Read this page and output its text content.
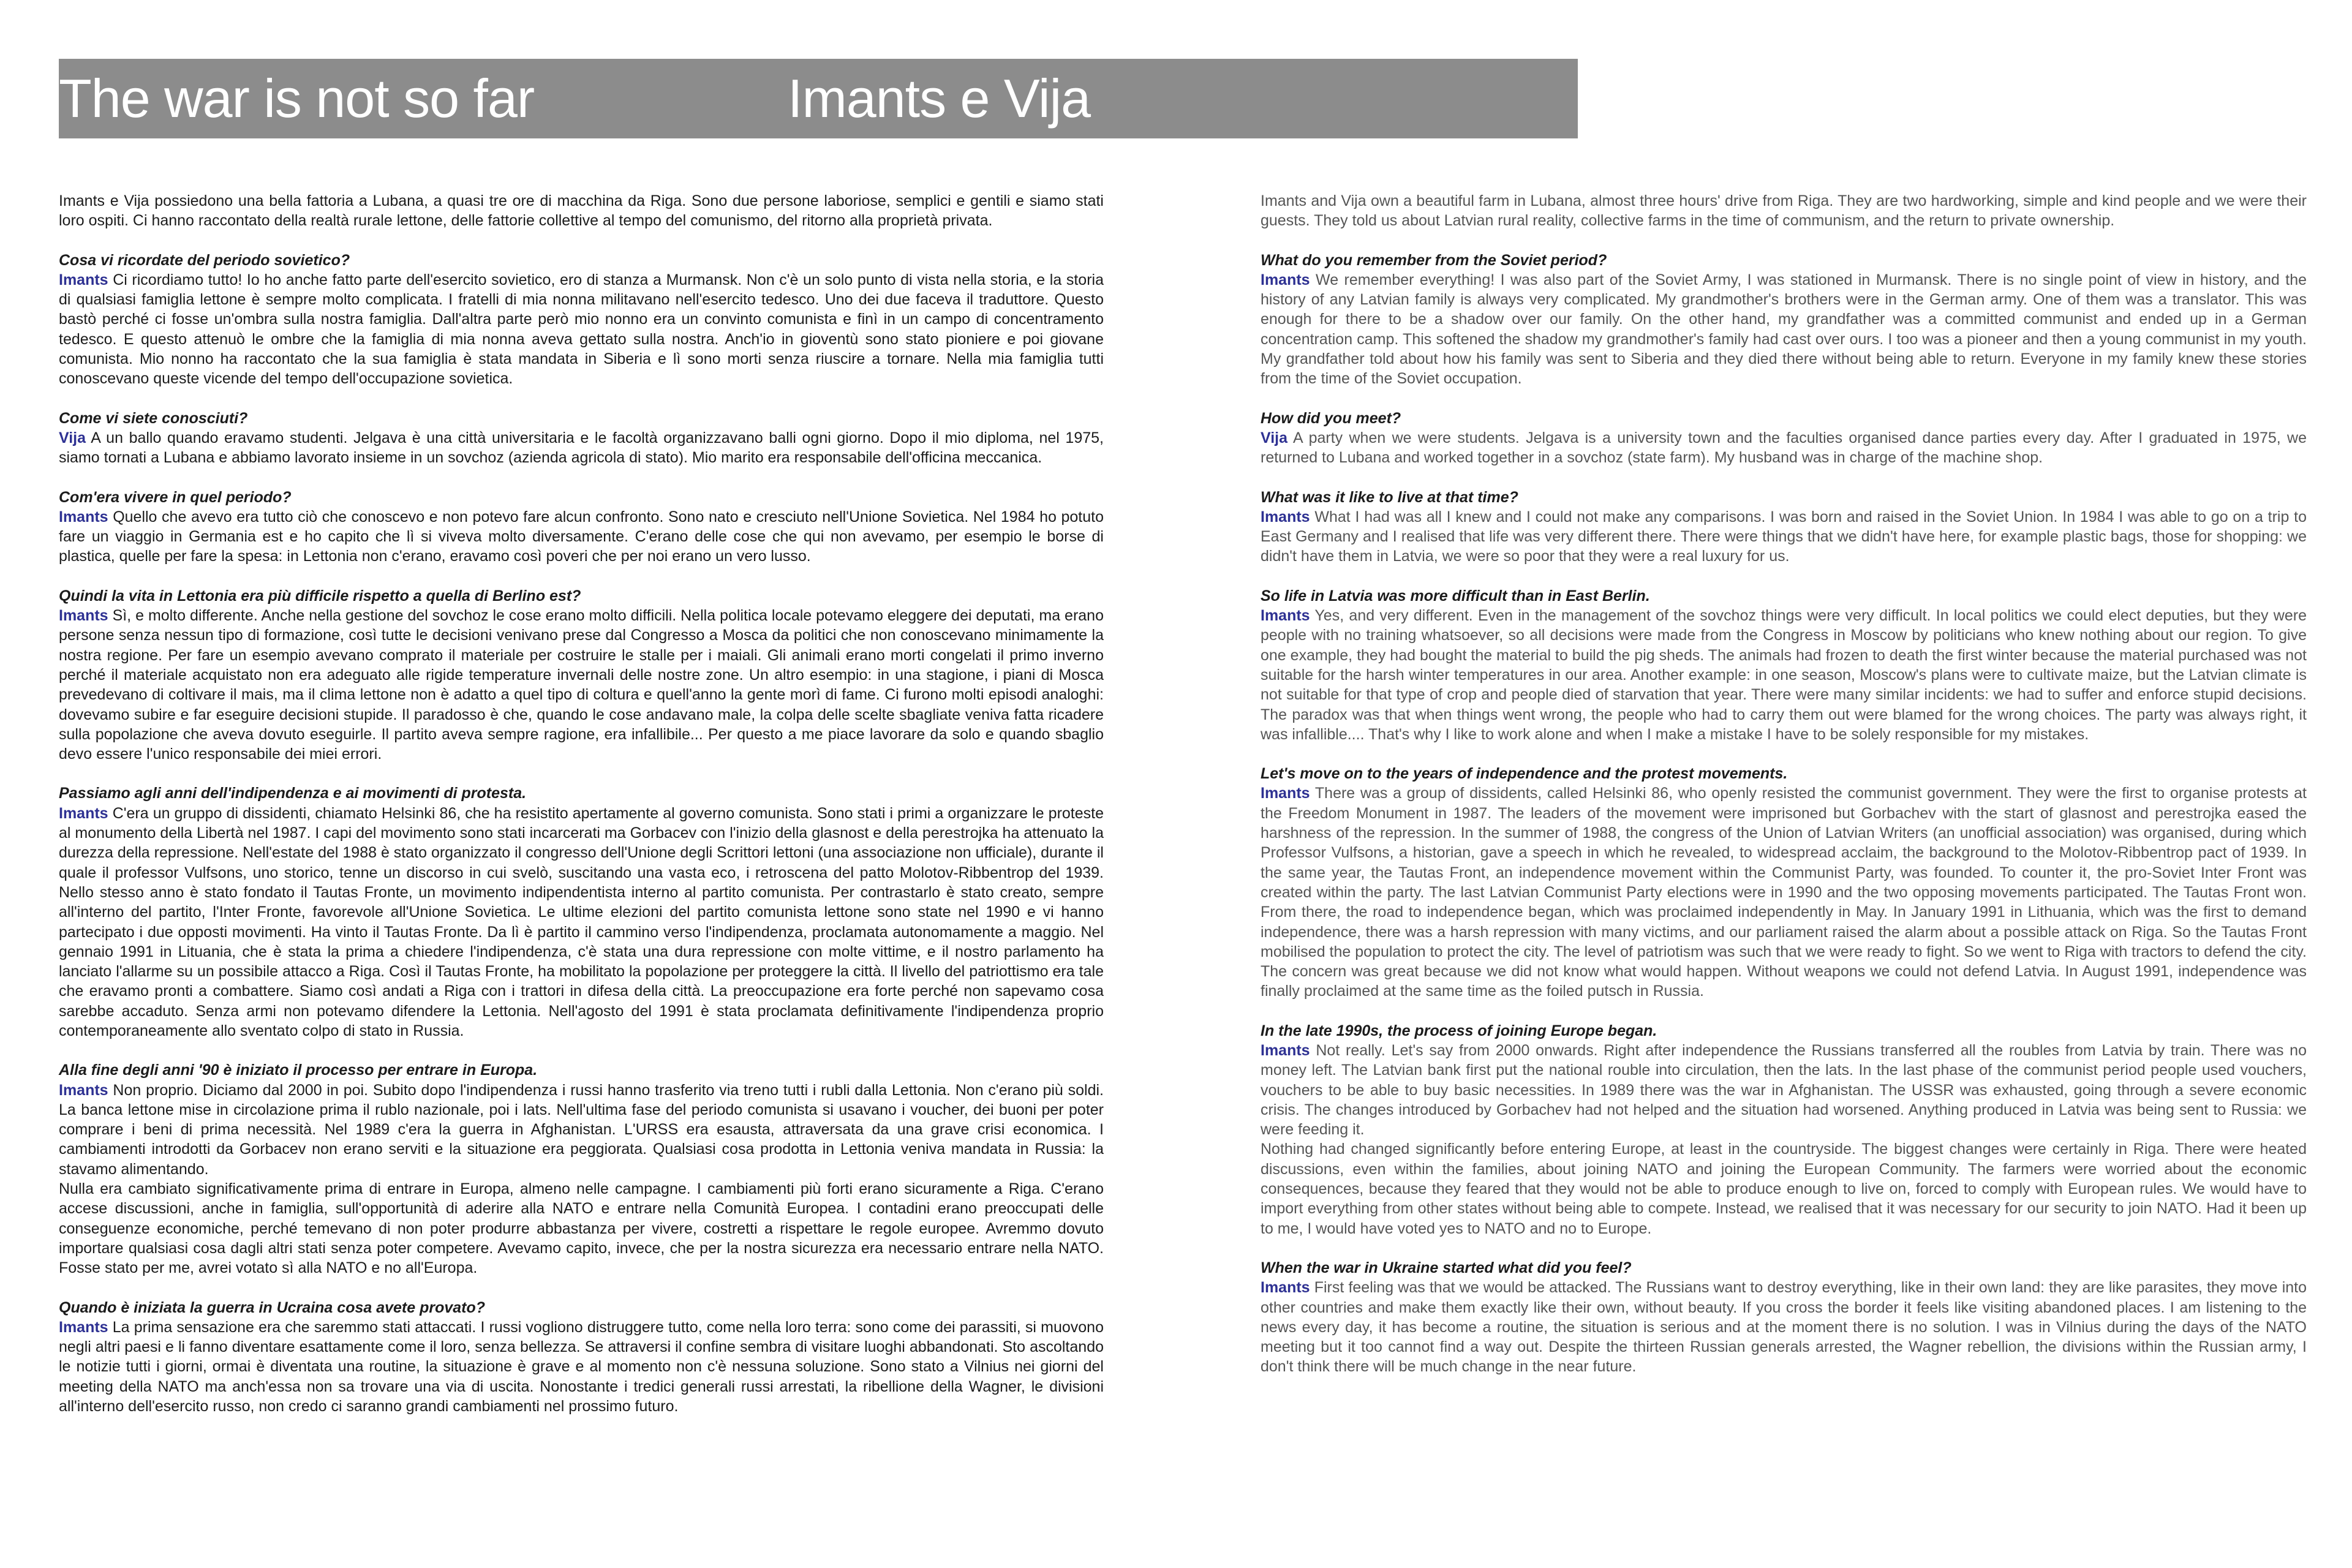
The war is not so far	Imants e Vija

Imants e Vija possiedono una bella fattoria a Lubana, a quasi tre ore di macchina da Riga. Sono due persone laboriose, semplici e gentili e siamo stati loro ospiti. Ci hanno raccontato della realtà rurale lettone, delle fattorie collettive al tempo del comunismo, del ritorno alla proprietà privata.

Cosa vi ricordate del periodo sovietico?

Imants Ci ricordiamo tutto! Io ho anche fatto parte dell'esercito sovietico, ero di stanza a Murmansk. Non c'è un solo punto di vista nella storia, e la storia di qualsiasi famiglia lettone è sempre molto complicata. I fratelli di mia nonna militavano nell'esercito tedesco. Uno dei due faceva il traduttore. Questo bastò perché ci fosse un'ombra sulla nostra famiglia. Dall'altra parte però mio nonno era un convinto comunista e finì in un campo di concentramento tedesco. E questo attenuò le ombre che la famiglia di mia nonna aveva gettato sulla nostra. Anch'io in gioventù sono stato pioniere e poi giovane comunista. Mio nonno ha raccontato che la sua famiglia è stata mandata in Siberia e lì sono morti senza riuscire a tornare. Nella mia famiglia tutti conoscevano queste vicende del tempo dell'occupazione sovietica.

Come vi siete conosciuti?

Vija A un ballo quando eravamo studenti. Jelgava è una città universitaria e le facoltà organizzavano balli ogni giorno. Dopo il mio diploma, nel 1975, siamo tornati a Lubana e abbiamo lavorato insieme in un sovchoz (azienda agricola di stato). Mio marito era responsabile dell'officina meccanica.

Com'era vivere in quel periodo?

Imants Quello che avevo era tutto ciò che conoscevo e non potevo fare alcun confronto. Sono nato e cresciuto nell'Unione Sovietica. Nel 1984 ho potuto fare un viaggio in Germania est e ho capito che lì si viveva molto diversamente. C'erano delle cose che qui non avevamo, per esempio le borse di plastica, quelle per fare la spesa: in Lettonia non c'erano, eravamo così poveri che per noi erano un vero lusso.

Quindi la vita in Lettonia era più difficile rispetto a quella di Berlino est?

Imants Sì, e molto differente. Anche nella gestione del sovchoz le cose erano molto difficili. Nella politica locale potevamo eleggere dei deputati, ma erano persone senza nessun tipo di formazione, così tutte le decisioni venivano prese dal Congresso a Mosca da politici che non conoscevano minimamente la nostra regione. Per fare un esempio avevano comprato il materiale per costruire le stalle per i maiali. Gli animali erano morti congelati il primo inverno perché il materiale acquistato non era adeguato alle rigide temperature invernali delle nostre zone. Un altro esempio: in una stagione, i piani di Mosca prevedevano di coltivare il mais, ma il clima lettone non è adatto a quel tipo di coltura e quell'anno la gente morì di fame. Ci furono molti episodi analoghi: dovevamo subire e far eseguire decisioni stupide. Il paradosso è che, quando le cose andavano male, la colpa delle scelte sbagliate veniva fatta ricadere sulla popolazione che aveva dovuto eseguirle. Il partito aveva sempre ragione, era infallibile... Per questo a me piace lavorare da solo e quando sbaglio devo essere l'unico responsabile dei miei errori.

Passiamo agli anni dell'indipendenza e ai movimenti di protesta.

Imants C'era un gruppo di dissidenti, chiamato Helsinki 86, che ha resistito apertamente al governo comunista. Sono stati i primi a organizzare le proteste al monumento della Libertà nel 1987. I capi del movimento sono stati incarcerati ma Gorbacev con l'inizio della glasnost e della perestrojka ha attenuato la durezza della repressione. Nell'estate del 1988 è stato organizzato il congresso dell'Unione degli Scrittori lettoni (una associazione non ufficiale), durante il quale il professor Vulfsons, uno storico, tenne un discorso in cui svelò, suscitando una vasta eco, i retroscena del patto Molotov-Ribbentrop del 1939. Nello stesso anno è stato fondato il Tautas Fronte, un movimento indipendentista interno al partito comunista. Per contrastarlo è stato creato, sempre all'interno del partito, l'Inter Fronte, favorevole all'Unione Sovietica. Le ultime elezioni del partito comunista lettone sono state nel 1990 e vi hanno partecipato i due opposti movimenti. Ha vinto il Tautas Fronte. Da lì è partito il cammino verso l'indipendenza, proclamata autonomamente a maggio. Nel gennaio 1991 in Lituania, che è stata la prima a chiedere l'indipendenza, c'è stata una dura repressione con molte vittime, e il nostro parlamento ha lanciato l'allarme su un possibile attacco a Riga. Così il Tautas Fronte, ha mobilitato la popolazione per proteggere la città. Il livello del patriottismo era tale che eravamo pronti a combattere. Siamo così andati a Riga con i trattori in difesa della città. La preoccupazione era forte perché non sapevamo cosa sarebbe accaduto. Senza armi non potevamo difendere la Lettonia. Nell'agosto del 1991 è stata proclamata definitivamente l'indipendenza proprio contemporaneamente allo sventato colpo di stato in Russia.

Alla fine degli anni '90 è iniziato il processo per entrare in Europa.

Imants Non proprio. Diciamo dal 2000 in poi. Subito dopo l'indipendenza i russi hanno trasferito via treno tutti i rubli dalla Lettonia. Non c'erano più soldi. La banca lettone mise in circolazione prima il rublo nazionale, poi i lats. Nell'ultima fase del periodo comunista si usavano i voucher, dei buoni per poter comprare i beni di prima necessità. Nel 1989 c'era la guerra in Afghanistan. L'URSS era esausta, attraversata da una grave crisi economica. I cambiamenti introdotti da Gorbacev non erano serviti e la situazione era peggiorata. Qualsiasi cosa prodotta in Lettonia veniva mandata in Russia: la stavamo alimentando.

Nulla era cambiato significativamente prima di entrare in Europa, almeno nelle campagne. I cambiamenti più forti erano sicuramente a Riga. C'erano accese discussioni, anche in famiglia, sull'opportunità di aderire alla NATO e entrare nella Comunità Europea. I contadini erano preoccupati delle conseguenze economiche, perché temevano di non poter produrre abbastanza per vivere, costretti a rispettare le regole europee. Avremmo dovuto importare qualsiasi cosa dagli altri stati senza poter competere. Avevamo capito, invece, che per la nostra sicurezza era necessario entrare nella NATO. Fosse stato per me, avrei votato sì alla NATO e no all'Europa.

Quando è iniziata la guerra in Ucraina cosa avete provato?

Imants La prima sensazione era che saremmo stati attaccati. I russi vogliono distruggere tutto, come nella loro terra: sono come dei parassiti, si muovono negli altri paesi e li fanno diventare esattamente come il loro, senza bellezza. Se attraversi il confine sembra di visitare luoghi abbandonati. Sto ascoltando le notizie tutti i giorni, ormai è diventata una routine, la situazione è grave e al momento non c'è nessuna soluzione. Sono stato a Vilnius nei giorni del meeting della NATO ma anch'essa non sa trovare una via di uscita. Nonostante i tredici generali russi arrestati, la ribellione della Wagner, le divisioni all'interno dell'esercito russo, non credo ci saranno grandi cambiamenti nel prossimo futuro.

Imants and Vija own a beautiful farm in Lubana, almost three hours' drive from Riga. They are two hardworking, simple and kind people and we were their guests. They told us about Latvian rural reality, collective farms in the time of communism, and the return to private ownership.

What do you remember from the Soviet period?

Imants We remember everything! I was also part of the Soviet Army, I was stationed in Murmansk. There is no single point of view in history, and the history of any Latvian family is always very complicated. My grandmother's brothers were in the German army. One of them was a translator. This was enough for there to be a shadow over our family. On the other hand, my grandfather was a committed communist and ended up in a German concentration camp. This softened the shadow my grandmother's family had cast over ours. I too was a pioneer and then a young communist in my youth. My grandfather told about how his family was sent to Siberia and they died there without being able to return. Everyone in my family knew these stories from the time of the Soviet occupation.

How did you meet?

Vija A party when we were students. Jelgava is a university town and the faculties organised dance parties every day. After I graduated in 1975, we returned to Lubana and worked together in a sovchoz (state farm). My husband was in charge of the machine shop.

What was it like to live at that time?

Imants What I had was all I knew and I could not make any comparisons. I was born and raised in the Soviet Union. In 1984 I was able to go on a trip to East Germany and I realised that life was very different there. There were things that we didn't have here, for example plastic bags, those for shopping: we didn't have them in Latvia, we were so poor that they were a real luxury for us.

So life in Latvia was more difficult than in East Berlin.

Imants Yes, and very different. Even in the management of the sovchoz things were very difficult. In local politics we could elect deputies, but they were people with no training whatsoever, so all decisions were made from the Congress in Moscow by politicians who knew nothing about our region. To give one example, they had bought the material to build the pig sheds. The animals had frozen to death the first winter because the material purchased was not suitable for the harsh winter temperatures in our area. Another example: in one season, Moscow's plans were to cultivate maize, but the Latvian climate is not suitable for that type of crop and people died of starvation that year. There were many similar incidents: we had to suffer and enforce stupid decisions. The paradox was that when things went wrong, the people who had to carry them out were blamed for the wrong choices. The party was always right, it was infallible.... That's why I like to work alone and when I make a mistake I have to be solely responsible for my mistakes.

Let's move on to the years of independence and the protest movements.

Imants There was a group of dissidents, called Helsinki 86, who openly resisted the communist government. They were the first to organise protests at the Freedom Monument in 1987. The leaders of the movement were imprisoned but Gorbachev with the start of glasnost and perestrojka eased the harshness of the repression. In the summer of 1988, the congress of the Union of Latvian Writers (an unofficial association) was organised, during which Professor Vulfsons, a historian, gave a speech in which he revealed, to widespread acclaim, the background to the Molotov-Ribbentrop pact of 1939. In the same year, the Tautas Front, an independence movement within the Communist Party, was founded. To counter it, the pro-Soviet Inter Front was created within the party. The last Latvian Communist Party elections were in 1990 and the two opposing movements participated. The Tautas Front won. From there, the road to independence began, which was proclaimed independently in May. In January 1991 in Lithuania, which was the first to demand independence, there was a harsh repression with many victims, and our parliament raised the alarm about a possible attack on Riga. So the Tautas Front mobilised the population to protect the city. The level of patriotism was such that we were ready to fight. So we went to Riga with tractors to defend the city. The concern was great because we did not know what would happen. Without weapons we could not defend Latvia. In August 1991, independence was finally proclaimed at the same time as the foiled putsch in Russia.

In the late 1990s, the process of joining Europe began.

Imants Not really. Let's say from 2000 onwards. Right after independence the Russians transferred all the roubles from Latvia by train. There was no money left. The Latvian bank first put the national rouble into circulation, then the lats. In the last phase of the communist period people used vouchers, vouchers to be able to buy basic necessities. In 1989 there was the war in Afghanistan. The USSR was exhausted, going through a severe economic crisis. The changes introduced by Gorbachev had not helped and the situation had worsened. Anything produced in Latvia was being sent to Russia: we were feeding it.

Nothing had changed significantly before entering Europe, at least in the countryside. The biggest changes were certainly in Riga. There were heated discussions, even within the families, about joining NATO and joining the European Community. The farmers were worried about the economic consequences, because they feared that they would not be able to produce enough to live on, forced to comply with European rules. We would have to import everything from other states without being able to compete. Instead, we realised that it was necessary for our security to join NATO. Had it been up to me, I would have voted yes to NATO and no to Europe.

When the war in Ukraine started what did you feel?

Imants First feeling was that we would be attacked. The Russians want to destroy everything, like in their own land: they are like parasites, they move into other countries and make them exactly like their own, without beauty. If you cross the border it feels like visiting abandoned places. I am listening to the news every day, it has become a routine, the situation is serious and at the moment there is no solution. I was in Vilnius during the days of the NATO meeting but it too cannot find a way out. Despite the thirteen Russian generals arrested, the Wagner rebellion, the divisions within the Russian army, I don't think there will be much change in the near future.
